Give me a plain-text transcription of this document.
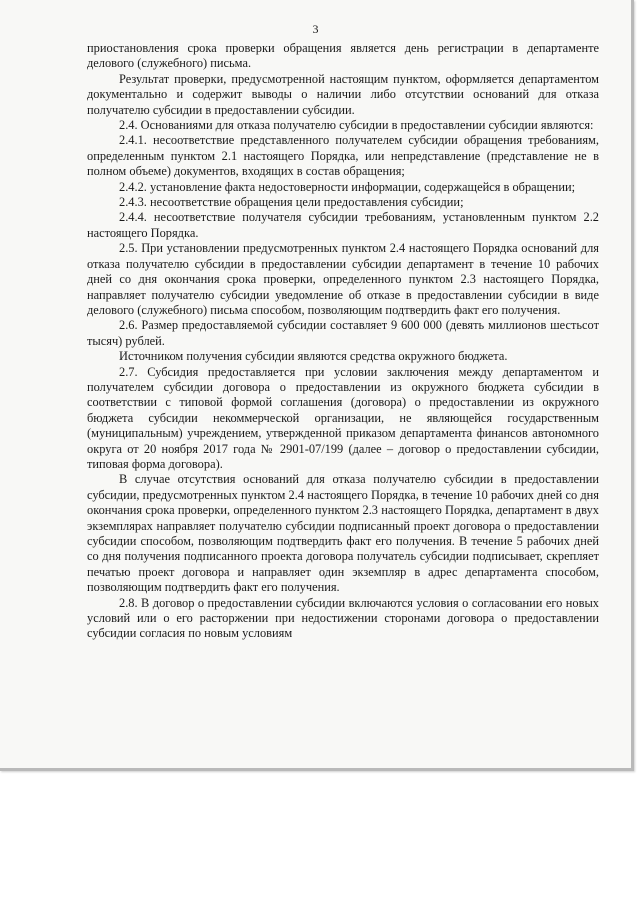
3

приостановления срока проверки обращения является день регистрации в департаменте делового (служебного) письма.

Результат проверки, предусмотренной настоящим пунктом, оформляется департаментом документально и содержит выводы о наличии либо отсутствии оснований для отказа получателю субсидии в предоставлении субсидии.

2.4. Основаниями для отказа получателю субсидии в предоставлении субсидии являются:

2.4.1. несоответствие представленного получателем субсидии обращения требованиям, определенным пунктом 2.1 настоящего Порядка, или непредставление (представление не в полном объеме) документов, входящих в состав обращения;

2.4.2. установление факта недостоверности информации, содержащейся в обращении;

2.4.3. несоответствие обращения цели предоставления субсидии;

2.4.4. несоответствие получателя субсидии требованиям, установленным пунктом 2.2 настоящего Порядка.

2.5. При установлении предусмотренных пунктом 2.4 настоящего Порядка оснований для отказа получателю субсидии в предоставлении субсидии департамент в течение 10 рабочих дней со дня окончания срока проверки, определенного пунктом 2.3 настоящего Порядка, направляет получателю субсидии уведомление об отказе в предоставлении субсидии в виде делового (служебного) письма способом, позволяющим подтвердить факт его получения.

2.6. Размер предоставляемой субсидии составляет 9 600 000 (девять миллионов шестьсот тысяч) рублей.

Источником получения субсидии являются средства окружного бюджета.

2.7. Субсидия предоставляется при условии заключения между департаментом и получателем субсидии договора о предоставлении из окружного бюджета субсидии в соответствии с типовой формой соглашения (договора) о предоставлении из окружного бюджета субсидии некоммерческой организации, не являющейся государственным (муниципальным) учреждением, утвержденной приказом департамента финансов автономного округа от 20 ноября 2017 года № 2901-07/199 (далее – договор о предоставлении субсидии, типовая форма договора).

В случае отсутствия оснований для отказа получателю субсидии в предоставлении субсидии, предусмотренных пунктом 2.4 настоящего Порядка, в течение 10 рабочих дней со дня окончания срока проверки, определенного пунктом 2.3 настоящего Порядка, департамент в двух экземплярах направляет получателю субсидии подписанный проект договора о предоставлении субсидии способом, позволяющим подтвердить факт его получения. В течение 5 рабочих дней со дня получения подписанного проекта договора получатель субсидии подписывает, скрепляет печатью проект договора и направляет один экземпляр в адрес департамента способом, позволяющим подтвердить факт его получения.

2.8. В договор о предоставлении субсидии включаются условия о согласовании его новых условий или о его расторжении при недостижении сторонами договора о предоставлении субсидии согласия по новым условиям
